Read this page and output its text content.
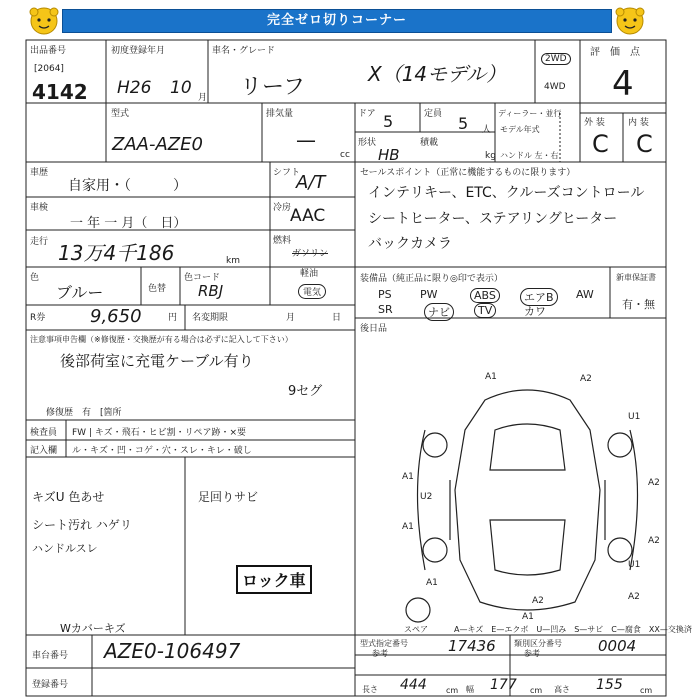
完全ゼロ切りコーナー
出品番号
[2064]
4142
初度登録年月
H26 10 月
車名・グレード
リーフ
X（14モデル）
2WD
4WD
評　価　点
4
型式
ZAA-AZE0
排気量
—
cc
ドア 5	定員 5 人
ディーラー・並行
モデル年式
形状
HB
積載
kg ハンドル 左・右
外 装	内 装
C C
車歴
自家用・（　　　）
車検
一 年 一 月（　日）
走行 13万4千186	km
色
ブルー	色替
色コード
RBJ
R券 9,650	円 名変期限	月	日
シフト
A/T
冷房
AAC
燃料
ガソリン
軽油
電気
セールスポイント（正常に機能するものに限ります）
インテリキー、ETC、クルーズコントロール
シートヒーター、ステアリングヒーター
バックカメラ
装備品（純正品に限り◎印で表示）
PS	PW	ABS	エアB	AW
SR	ナビ	TV	カワ
新車保証書
有・無
後日品
注意事項申告欄（※修復歴・交換歴が有る場合は必ずに記入して下さい）
後部荷室に充電ケーブル有り
9セグ
修復歴　有　[箇所
検査員 FW | キズ・飛石・ヒビ割・リペア跡・×要
記入欄 ル・キズ・凹・コゲ・穴・スレ・キレ・破し
キズU 色あせ
シート汚れ ハゲリ
ハンドルスレ
足回りサビ
Wカバーキズ
ロック車
A1	A2
U1
A2
A1
U2
A1
A2
U1
A1
A1
A2
A2
スペア	A—キズ　E—エクボ　U—凹み　S—サビ　C—腐食　XX—交換済
車台番号 AZE0-106497
登録番号
型式指定番号
参考	17436 類別区分番号
参考	0004
長さ 444 cm 幅 177 cm 高さ 155 cm
